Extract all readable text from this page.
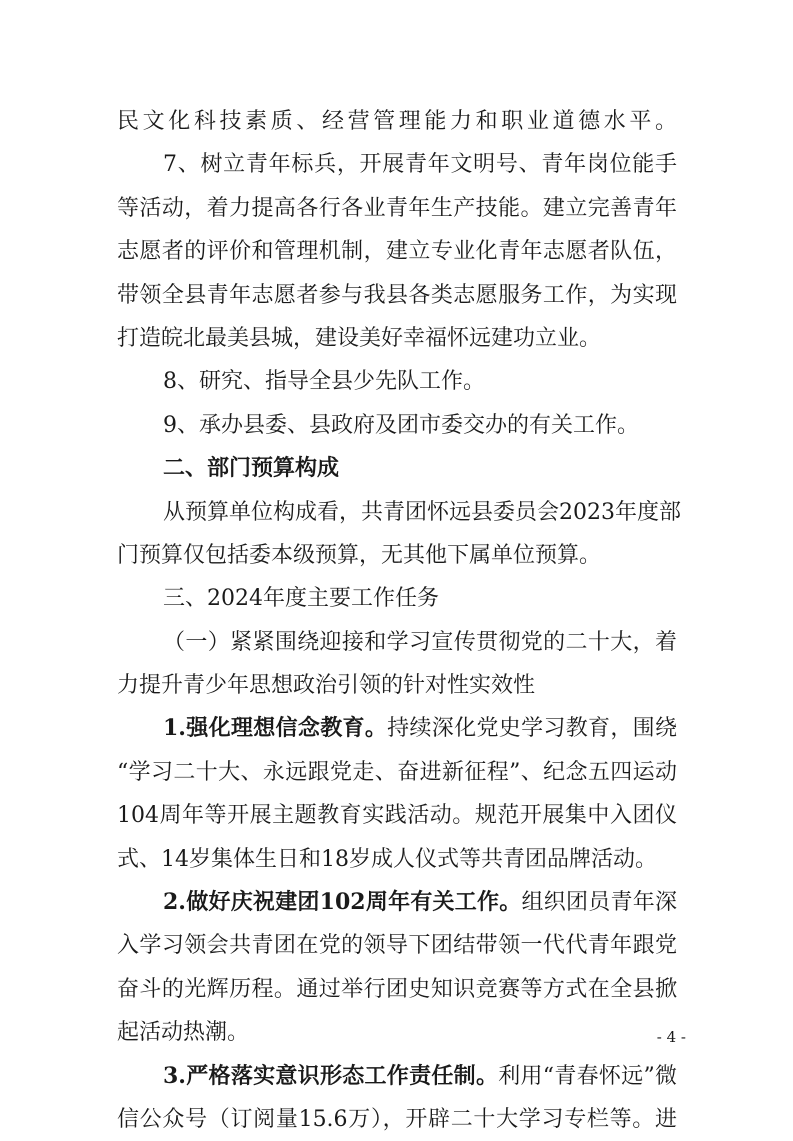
民文化科技素质、经营管理能力和职业道德水平。
7、树立青年标兵，开展青年文明号、青年岗位能手
等活动，着力提高各行各业青年生产技能。建立完善青年
志愿者的评价和管理机制，建立专业化青年志愿者队伍，
带领全县青年志愿者参与我县各类志愿服务工作，为实现
打造皖北最美县城，建设美好幸福怀远建功立业。
8、研究、指导全县少先队工作。
9、承办县委、县政府及团市委交办的有关工作。
二、部门预算构成
从预算单位构成看，共青团怀远县委员会2023年度部
门预算仅包括委本级预算，无其他下属单位预算。
三、2024年度主要工作任务
（一）紧紧围绕迎接和学习宣传贯彻党的二十大，着
力提升青少年思想政治引领的针对性实效性
1.强化理想信念教育。持续深化党史学习教育，围绕
“学习二十大、永远跟党走、奋进新征程”、纪念五四运动
104周年等开展主题教育实践活动。规范开展集中入团仪
式、14岁集体生日和18岁成人仪式等共青团品牌活动。
2.做好庆祝建团102周年有关工作。组织团员青年深
入学习领会共青团在党的领导下团结带领一代代青年跟党
奋斗的光辉历程。通过举行团史知识竞赛等方式在全县掀
起活动热潮。
3.严格落实意识形态工作责任制。利用“青春怀远”微
信公众号（订阅量15.6万），开辟二十大学习专栏等。进
- 4 -
